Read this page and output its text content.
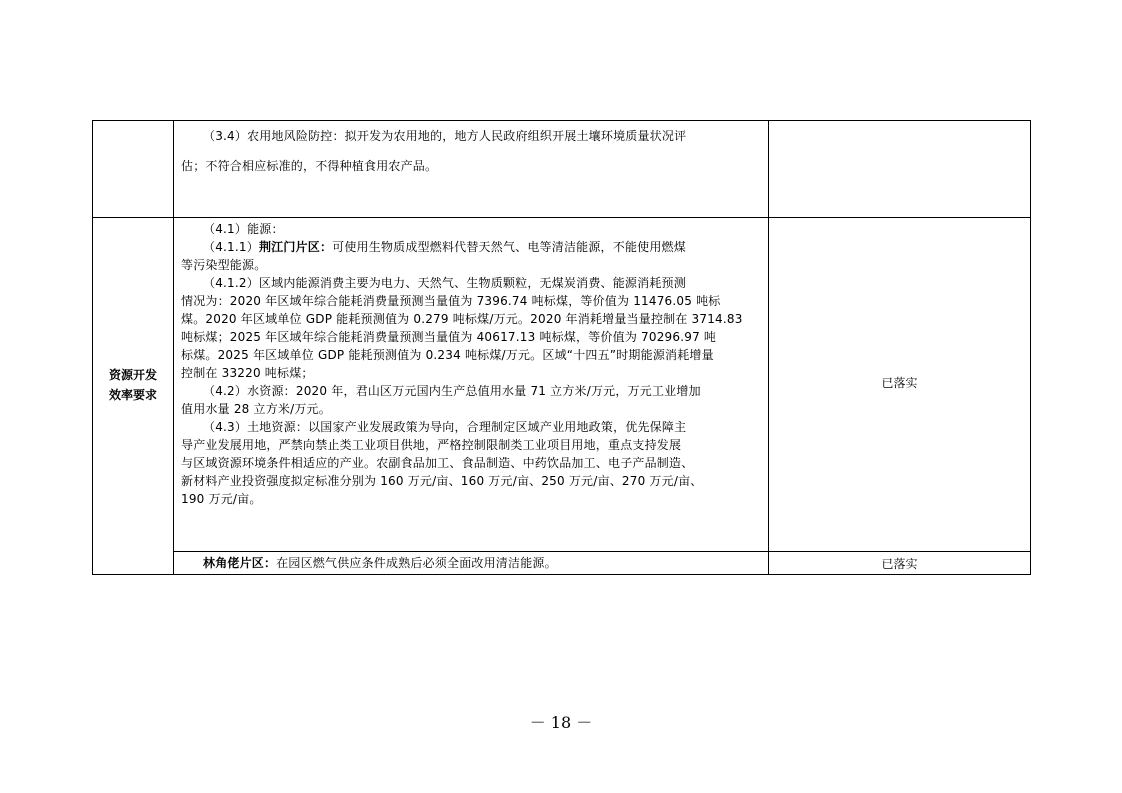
（3.4）农用地风险防控：拟开发为农用地的，地方人民政府组织开展土壤环境质量状况评
估；不符合相应标准的，不得种植食用农产品。
资源开发
效率要求
（4.1）能源：
（4.1.1）荆江门片区：可使用生物质成型燃料代替天然气、电等清洁能源，不能使用燃煤
等污染型能源。
（4.1.2）区域内能源消费主要为电力、天然气、生物质颗粒，无煤炭消费、能源消耗预测
情况为：2020 年区域年综合能耗消费量预测当量值为 7396.74 吨标煤，等价值为 11476.05 吨标
煤。2020 年区域单位 GDP 能耗预测值为 0.279 吨标煤/万元。2020 年消耗增量当量控制在 3714.83
吨标煤；2025 年区域年综合能耗消费量预测当量值为 40617.13 吨标煤，等价值为 70296.97 吨
标煤。2025 年区域单位 GDP 能耗预测值为 0.234 吨标煤/万元。区域“十四五”时期能源消耗增量
控制在 33220 吨标煤；
（4.2）水资源：2020 年，君山区万元国内生产总值用水量 71 立方米/万元，万元工业增加
值用水量 28 立方米/万元。
（4.3）土地资源：以国家产业发展政策为导向，合理制定区域产业用地政策，优先保障主
导产业发展用地，严禁向禁止类工业项目供地，严格控制限制类工业项目用地，重点支持发展
与区域资源环境条件相适应的产业。农副食品加工、食品制造、中药饮品加工、电子产品制造、
新材料产业投资强度拟定标准分别为 160 万元/亩、160 万元/亩、250 万元/亩、270 万元/亩、
190 万元/亩。
已落实
林角佬片区：在园区燃气供应条件成熟后必须全面改用清洁能源。	已落实
－ 18 －
